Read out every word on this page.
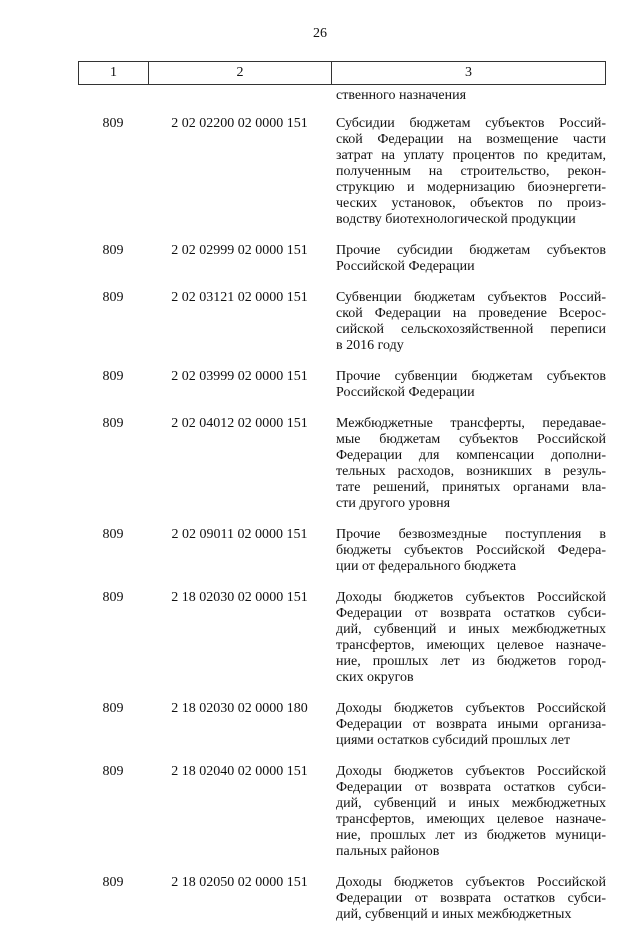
26
1	2	3
ственного назначения
809	2 02 02200 02 0000 151	Субсидии бюджетам субъектов Россий-
ской Федерации на возмещение части
затрат на уплату процентов по кредитам,
полученным на строительство, рекон-
струкцию и модернизацию биоэнергети-
ческих установок, объектов по произ-
водству биотехнологической продукции
809	2 02 02999 02 0000 151	Прочие субсидии бюджетам субъектов
Российской Федерации
809	2 02 03121 02 0000 151	Субвенции бюджетам субъектов Россий-
ской Федерации на проведение Всерос-
сийской сельскохозяйственной переписи
в 2016 году
809	2 02 03999 02 0000 151	Прочие субвенции бюджетам субъектов
Российской Федерации
809	2 02 04012 02 0000 151	Межбюджетные трансферты, передавае-
мые бюджетам субъектов Российской
Федерации для компенсации дополни-
тельных расходов, возникших в резуль-
тате решений, принятых органами вла-
сти другого уровня
809	2 02 09011 02 0000 151	Прочие безвозмездные поступления в
бюджеты субъектов Российской Федера-
ции от федерального бюджета
809	2 18 02030 02 0000 151	Доходы бюджетов субъектов Российской
Федерации от возврата остатков субси-
дий, субвенций и иных межбюджетных
трансфертов, имеющих целевое назначе-
ние, прошлых лет из бюджетов город-
ских округов
809	2 18 02030 02 0000 180	Доходы бюджетов субъектов Российской
Федерации от возврата иными организа-
циями остатков субсидий прошлых лет
809	2 18 02040 02 0000 151	Доходы бюджетов субъектов Российской
Федерации от возврата остатков субси-
дий, субвенций и иных межбюджетных
трансфертов, имеющих целевое назначе-
ние, прошлых лет из бюджетов муници-
пальных районов
809	2 18 02050 02 0000 151	Доходы бюджетов субъектов Российской
Федерации от возврата остатков субси-
дий, субвенций и иных межбюджетных
